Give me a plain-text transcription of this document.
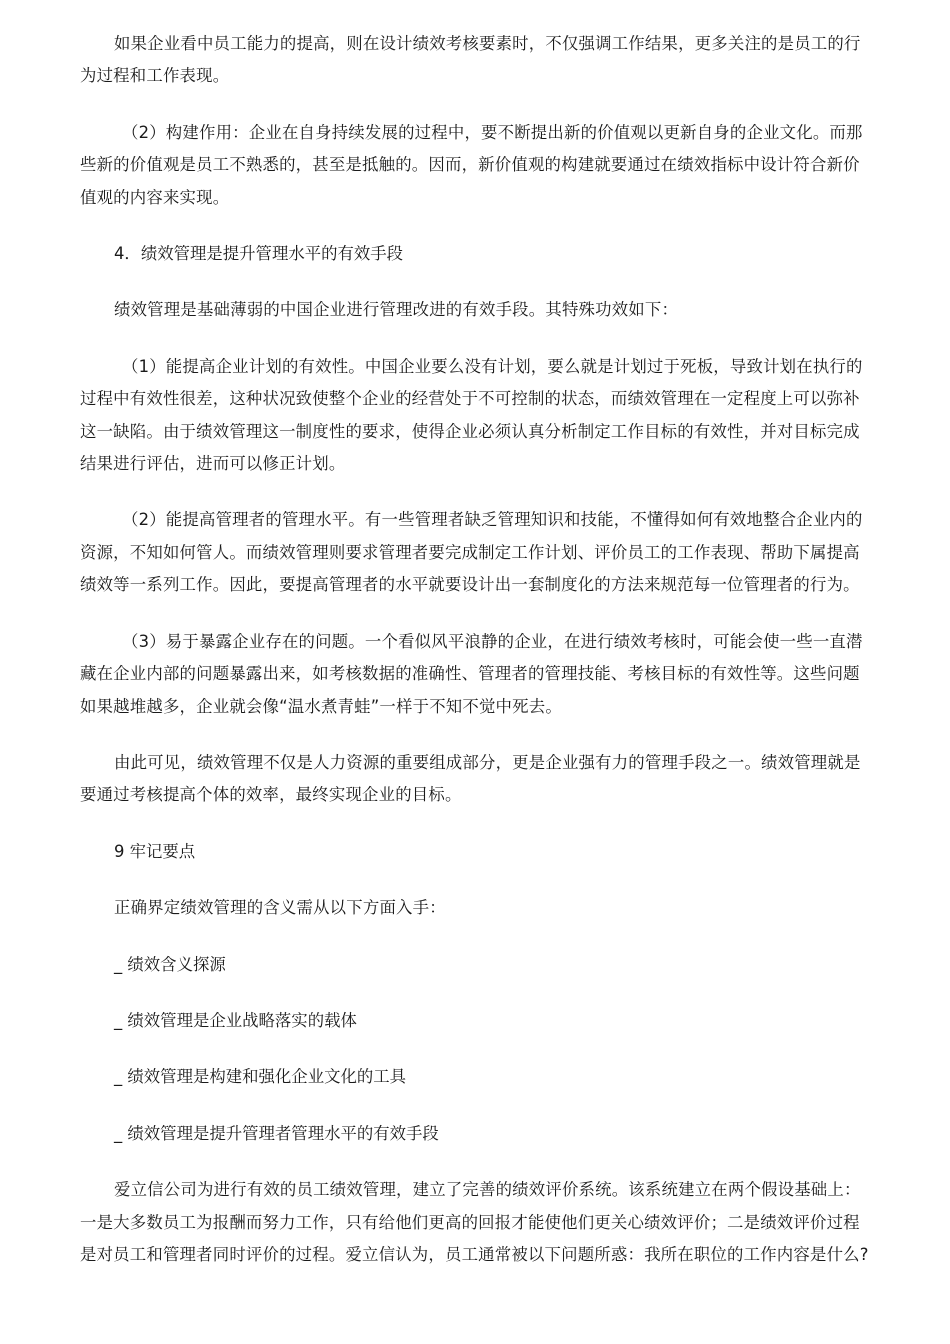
如果企业看中员工能力的提高，则在设计绩效考核要素时，不仅强调工作结果，更多关注的是员工的行为过程和工作表现。

（2）构建作用：企业在自身持续发展的过程中，要不断提出新的价值观以更新自身的企业文化。而那些新的价值观是员工不熟悉的，甚至是抵触的。因而，新价值观的构建就要通过在绩效指标中设计符合新价值观的内容来实现。

4．绩效管理是提升管理水平的有效手段

绩效管理是基础薄弱的中国企业进行管理改进的有效手段。其特殊功效如下：

（1）能提高企业计划的有效性。中国企业要么没有计划，要么就是计划过于死板，导致计划在执行的过程中有效性很差，这种状况致使整个企业的经营处于不可控制的状态，而绩效管理在一定程度上可以弥补这一缺陷。由于绩效管理这一制度性的要求，使得企业必须认真分析制定工作目标的有效性，并对目标完成结果进行评估，进而可以修正计划。

（2）能提高管理者的管理水平。有一些管理者缺乏管理知识和技能，不懂得如何有效地整合企业内的资源，不知如何管人。而绩效管理则要求管理者要完成制定工作计划、评价员工的工作表现、帮助下属提高绩效等一系列工作。因此，要提高管理者的水平就要设计出一套制度化的方法来规范每一位管理者的行为。

（3）易于暴露企业存在的问题。一个看似风平浪静的企业，在进行绩效考核时，可能会使一些一直潜藏在企业内部的问题暴露出来，如考核数据的准确性、管理者的管理技能、考核目标的有效性等。这些问题如果越堆越多，企业就会像“温水煮青蛙”一样于不知不觉中死去。

由此可见，绩效管理不仅是人力资源的重要组成部分，更是企业强有力的管理手段之一。绩效管理就是要通过考核提高个体的效率，最终实现企业的目标。

9 牢记要点

正确界定绩效管理的含义需从以下方面入手：

_ 绩效含义探源

_ 绩效管理是企业战略落实的载体

_ 绩效管理是构建和强化企业文化的工具

_ 绩效管理是提升管理者管理水平的有效手段

爱立信公司为进行有效的员工绩效管理，建立了完善的绩效评价系统。该系统建立在两个假设基础上：一是大多数员工为报酬而努力工作，只有给他们更高的回报才能使他们更关心绩效评价；二是绩效评价过程是对员工和管理者同时评价的过程。爱立信认为，员工通常被以下问题所惑：我所在职位的工作内容是什么?
